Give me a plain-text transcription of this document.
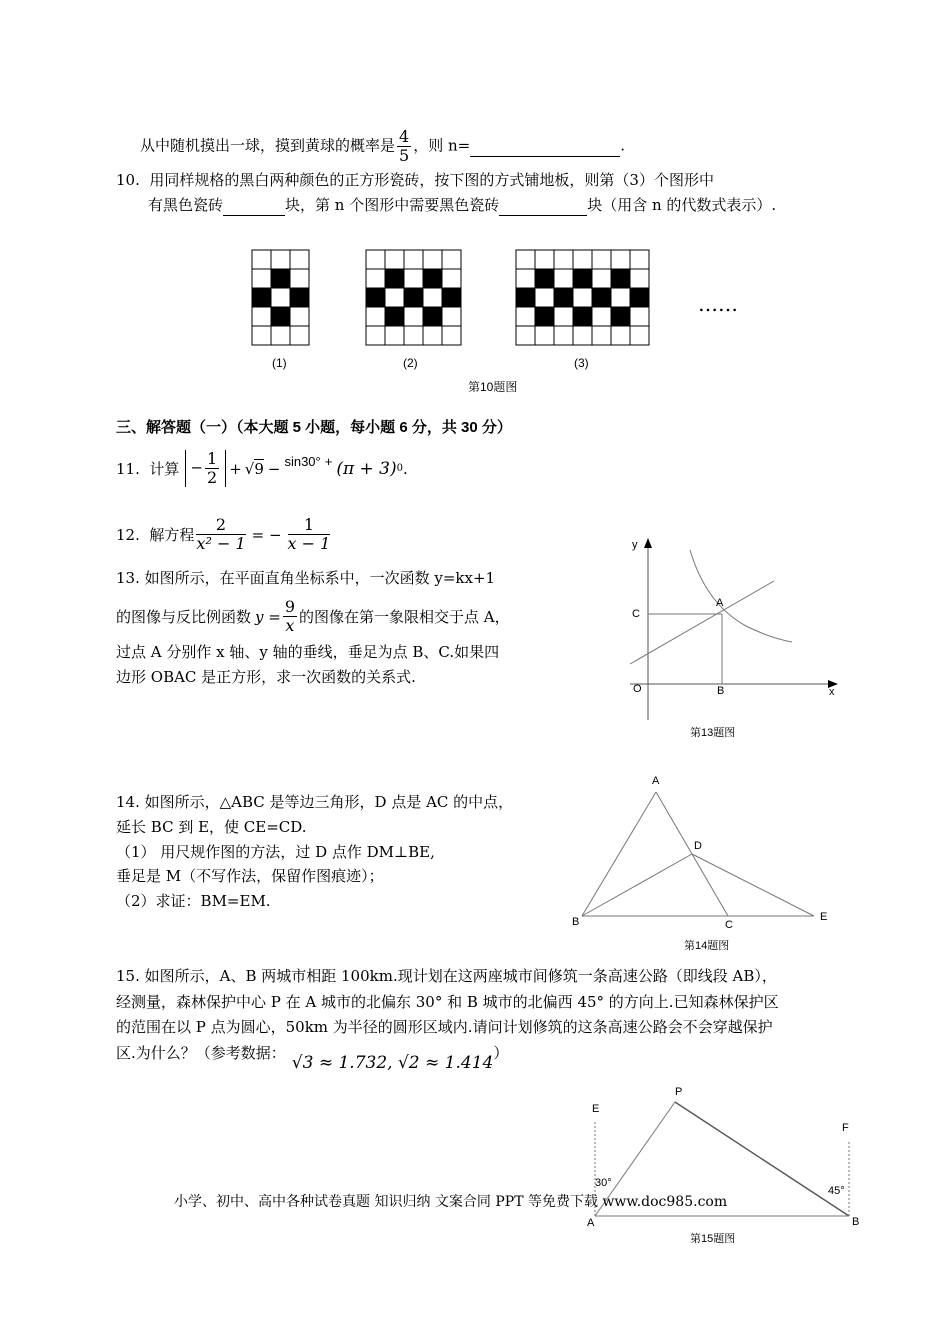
从中随机摸出一球，摸到黄球的概率是 $\frac{4}{5}$ ，则 n=	.
10. 用同样规格的黑白两种颜色的正方形瓷砖，按下图的方式铺地板，则第（3）个图形中
有黑色瓷砖	块，第 n 个图形中需要黑色瓷砖	块（用含 n 的代数式表示）.
(1)	(2)	(3)
……
第10题图
三、解答题（一）（本大题 5 小题，每小题 6 分，共 30 分）
11.
计算 − $\frac{1}{2} + √9 - \sin 30^\circ + (\pi + 3)$ 0 .
12.
解方程 $\frac{2}{\text{x² − 1}}$ = − $\frac{1}{x - 1}$
13. 如图所示，在平面直角坐标系中，一次函数 y=kx+1
的图像与反比例函数 $y = \frac{9}{x}$ 的图像在第一象限相交于点 A，
过点 A 分别作 x 轴、y 轴的垂线，垂足为点 B、C.如果四
边形 OBAC 是正方形，求一次函数的关系式.
y
x
A
C
O	B
第13题图
14. 如图所示，△ABC 是等边三角形，D 点是 AC 的中点，
延长 BC 到 E，使 CE=CD.
（1） 用尺规作图的方法，过 D 点作 DM⊥BE,
垂足是 M（不写作法，保留作图痕迹）；
（2）求证：BM=EM.
A
B	C
D
E
第14题图
15. 如图所示，A、B 两城市相距 100km.现计划在这两座城市间修筑一条高速公路（即线段 AB），
经测量，森林保护中心 P 在 A 城市的北偏东 30° 和 B 城市的北偏西 45° 的方向上.已知森林保护区
的范围在以 P 点为圆心，50km 为半径的圆形区域内.请问计划修筑的这条高速公路会不会穿越保护
区.为什么？（参考数据： √3 ≈ 1.732, √2 ≈ 1.414 ）
P
E
F
30°
45°
A	B
第15题图
小学、初中、高中各种试卷真题 知识归纳 文案合同 PPT 等免费下载 www.doc985.com
